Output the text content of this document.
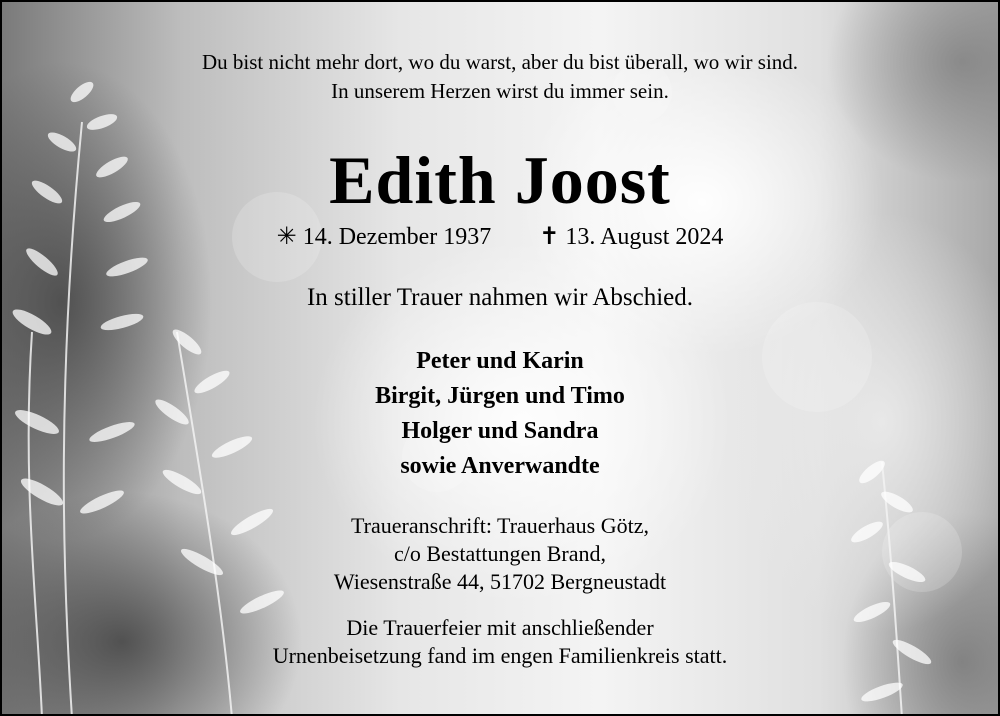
Du bist nicht mehr dort, wo du warst, aber du bist überall, wo wir sind.
In unserem Herzen wirst du immer sein.
Edith Joost
✳ 14. Dezember 1937 ✝ 13. August 2024
In stiller Trauer nahmen wir Abschied.
Peter und Karin
Birgit, Jürgen und Timo
Holger und Sandra
sowie Anverwandte
Traueranschrift: Trauerhaus Götz,
c/o Bestattungen Brand,
Wiesenstraße 44, 51702 Bergneustadt
Die Trauerfeier mit anschließender
Urnenbeisetzung fand im engen Familienkreis statt.
